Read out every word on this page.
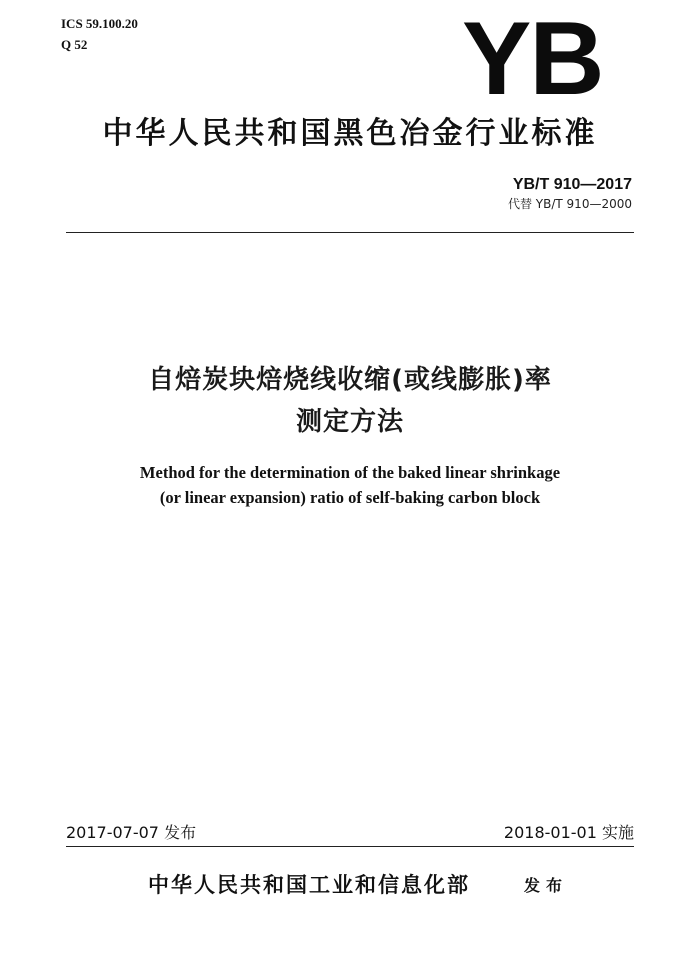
ICS 59.100.20
Q 52	YB
中华人民共和国黑色冶金行业标准
YB/T 910—2017
代替 YB/T 910—2000
自焙炭块焙烧线收缩(或线膨胀)率
测定方法
Method for the determination of the baked linear shrinkage
(or linear expansion) ratio of self-baking carbon block
2017-07-07 发布	2018-01-01 实施
中华人民共和国工业和信息化部	发布
